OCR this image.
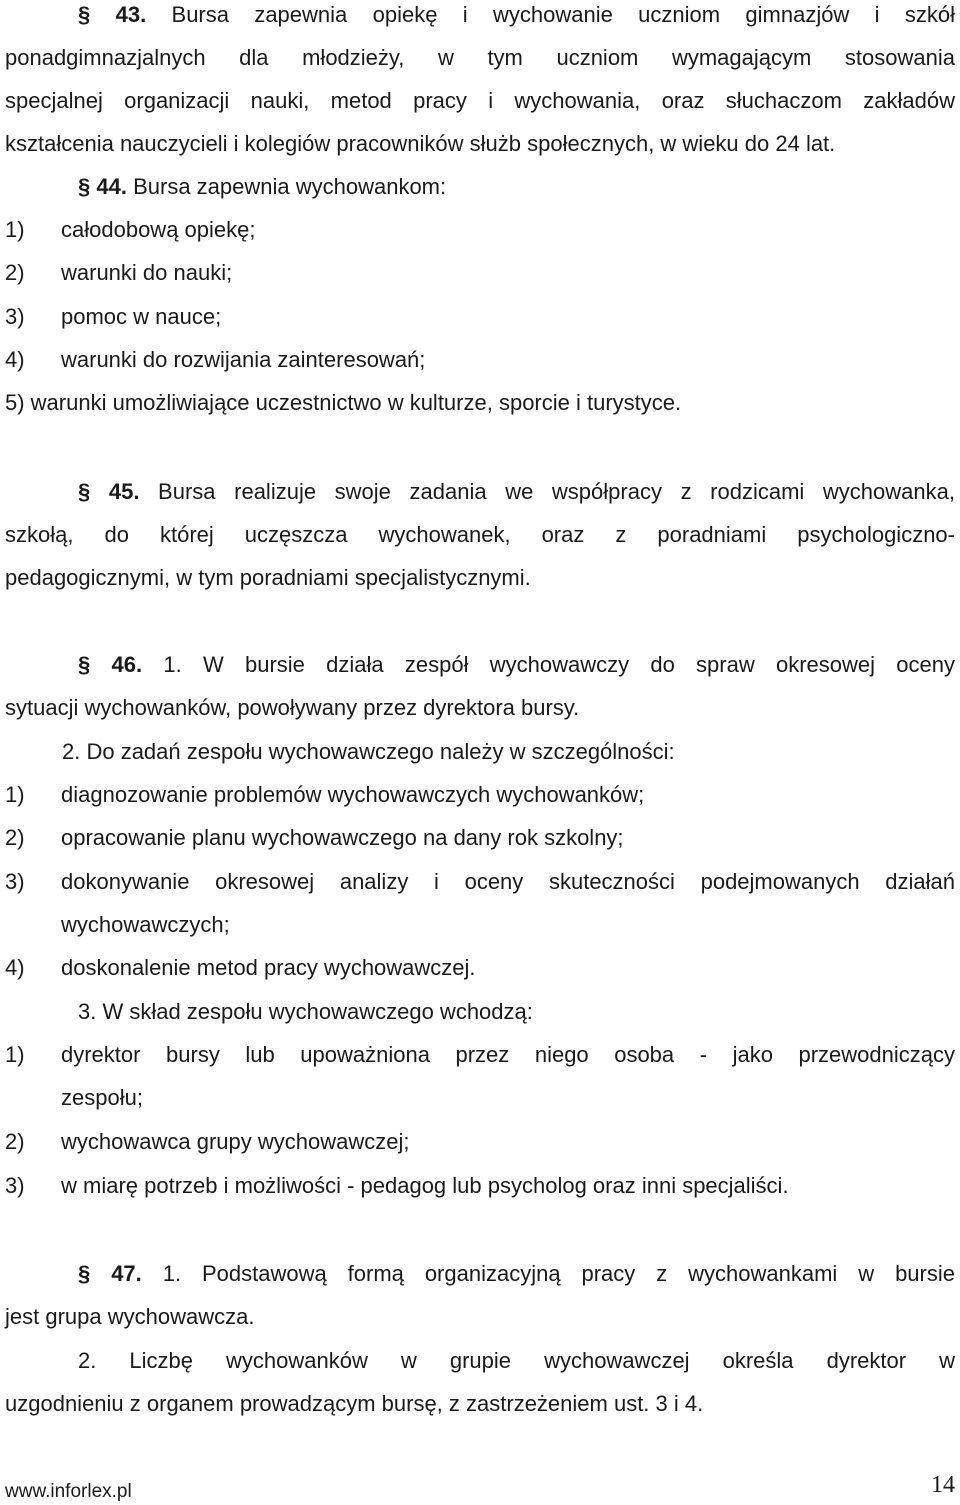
§ 43. Bursa zapewnia opiekę i wychowanie uczniom gimnazjów i szkół
ponadgimnazjalnych dla młodzieży, w tym uczniom wymagającym stosowania
specjalnej organizacji nauki, metod pracy i wychowania, oraz słuchaczom zakładów
kształcenia nauczycieli i kolegiów pracowników służb społecznych, w wieku do 24 lat.
§ 44. Bursa zapewnia wychowankom:
1) całodobową opiekę;
2) warunki do nauki;
3) pomoc w nauce;
4) warunki do rozwijania zainteresowań;
5) warunki umożliwiające uczestnictwo w kulturze, sporcie i turystyce.
§ 45. Bursa realizuje swoje zadania we współpracy z rodzicami wychowanka,
szkołą, do której uczęszcza wychowanek, oraz z poradniami psychologiczno-
pedagogicznymi, w tym poradniami specjalistycznymi.
§ 46. 1. W bursie działa zespół wychowawczy do spraw okresowej oceny
sytuacji wychowanków, powoływany przez dyrektora bursy.
2. Do zadań zespołu wychowawczego należy w szczególności:
1) diagnozowanie problemów wychowawczych wychowanków;
2) opracowanie planu wychowawczego na dany rok szkolny;
3) dokonywanie okresowej analizy i oceny skuteczności podejmowanych działań
wychowawczych;
4) doskonalenie metod pracy wychowawczej.
3. W skład zespołu wychowawczego wchodzą:
1) dyrektor bursy lub upoważniona przez niego osoba - jako przewodniczący
zespołu;
2) wychowawca grupy wychowawczej;
3) w miarę potrzeb i możliwości - pedagog lub psycholog oraz inni specjaliści.
§ 47. 1. Podstawową formą organizacyjną pracy z wychowankami w bursie
jest grupa wychowawcza.
2. Liczbę wychowanków w grupie wychowawczej określa dyrektor w
uzgodnieniu z organem prowadzącym bursę, z zastrzeżeniem ust. 3 i 4.
www.inforlex.pl	14
